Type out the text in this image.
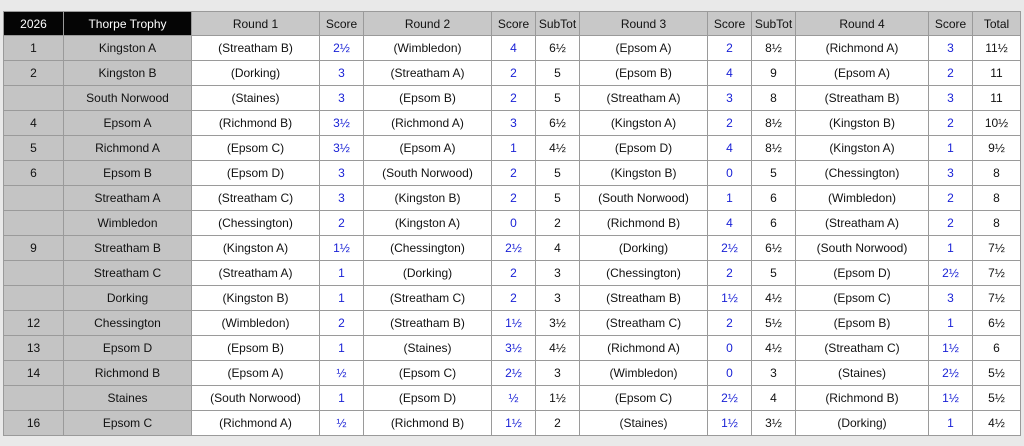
2026	Thorpe Trophy	Round 1	Score	Round 2	Score	SubTot	Round 3	Score	SubTot	Round 4	Score	Total
1	Kingston A	(Streatham B)	2½	(Wimbledon)	4	6½	(Epsom A)	2	8½	(Richmond A)	3	11½
2	Kingston B	(Dorking)	3	(Streatham A)	2	5	(Epsom B)	4	9	(Epsom A)	2	11
	South Norwood	(Staines)	3	(Epsom B)	2	5	(Streatham A)	3	8	(Streatham B)	3	11
4	Epsom A	(Richmond B)	3½	(Richmond A)	3	6½	(Kingston A)	2	8½	(Kingston B)	2	10½
5	Richmond A	(Epsom C)	3½	(Epsom A)	1	4½	(Epsom D)	4	8½	(Kingston A)	1	9½
6	Epsom B	(Epsom D)	3	(South Norwood)	2	5	(Kingston B)	0	5	(Chessington)	3	8
	Streatham A	(Streatham C)	3	(Kingston B)	2	5	(South Norwood)	1	6	(Wimbledon)	2	8
	Wimbledon	(Chessington)	2	(Kingston A)	0	2	(Richmond B)	4	6	(Streatham A)	2	8
9	Streatham B	(Kingston A)	1½	(Chessington)	2½	4	(Dorking)	2½	6½	(South Norwood)	1	7½
	Streatham C	(Streatham A)	1	(Dorking)	2	3	(Chessington)	2	5	(Epsom D)	2½	7½
	Dorking	(Kingston B)	1	(Streatham C)	2	3	(Streatham B)	1½	4½	(Epsom C)	3	7½
12	Chessington	(Wimbledon)	2	(Streatham B)	1½	3½	(Streatham C)	2	5½	(Epsom B)	1	6½
13	Epsom D	(Epsom B)	1	(Staines)	3½	4½	(Richmond A)	0	4½	(Streatham C)	1½	6
14	Richmond B	(Epsom A)	½	(Epsom C)	2½	3	(Wimbledon)	0	3	(Staines)	2½	5½
	Staines	(South Norwood)	1	(Epsom D)	½	1½	(Epsom C)	2½	4	(Richmond B)	1½	5½
16	Epsom C	(Richmond A)	½	(Richmond B)	1½	2	(Staines)	1½	3½	(Dorking)	1	4½
